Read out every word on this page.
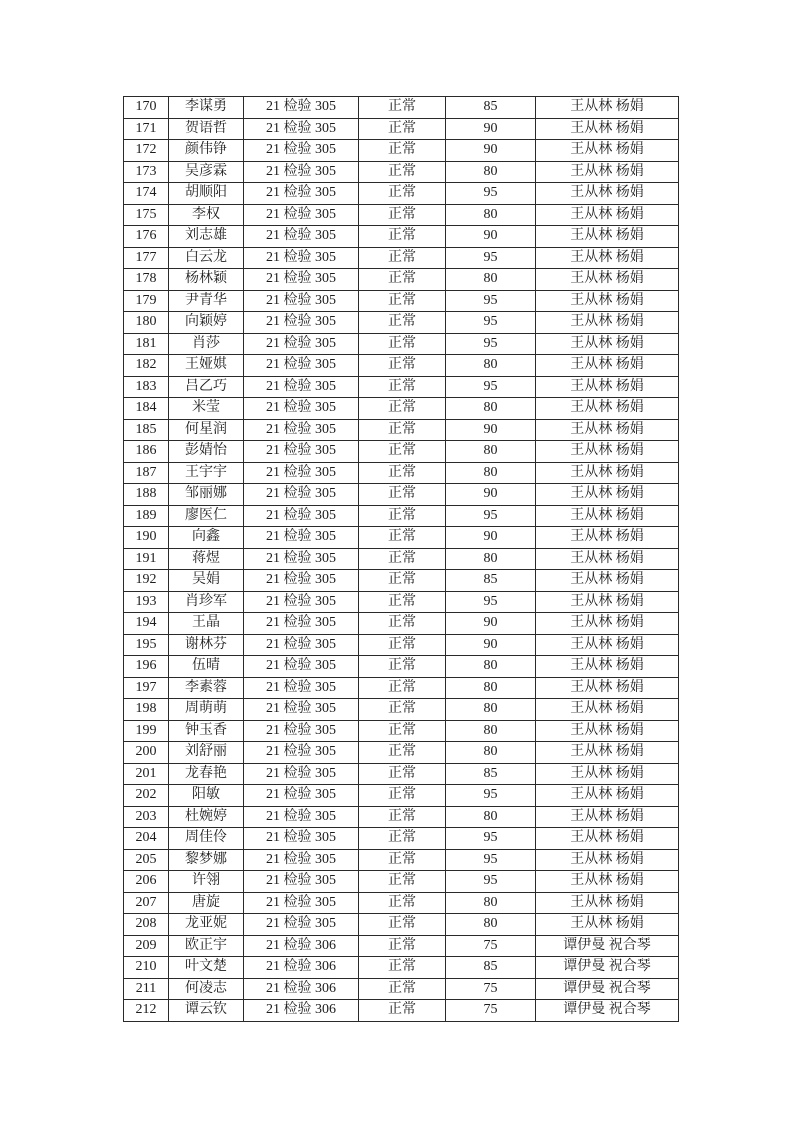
170	李谋勇	21 检验 305	正常	85	王从林 杨娟
171	贺语哲	21 检验 305	正常	90	王从林 杨娟
172	颜伟铮	21 检验 305	正常	90	王从林 杨娟
173	吴彦霖	21 检验 305	正常	80	王从林 杨娟
174	胡顺阳	21 检验 305	正常	95	王从林 杨娟
175	李权	21 检验 305	正常	80	王从林 杨娟
176	刘志雄	21 检验 305	正常	90	王从林 杨娟
177	白云龙	21 检验 305	正常	95	王从林 杨娟
178	杨林颖	21 检验 305	正常	80	王从林 杨娟
179	尹青华	21 检验 305	正常	95	王从林 杨娟
180	向颖婷	21 检验 305	正常	95	王从林 杨娟
181	肖莎	21 检验 305	正常	95	王从林 杨娟
182	王娅娸	21 检验 305	正常	80	王从林 杨娟
183	吕乙巧	21 检验 305	正常	95	王从林 杨娟
184	米莹	21 检验 305	正常	80	王从林 杨娟
185	何星润	21 检验 305	正常	90	王从林 杨娟
186	彭婧怡	21 检验 305	正常	80	王从林 杨娟
187	王宇宇	21 检验 305	正常	80	王从林 杨娟
188	邹丽娜	21 检验 305	正常	90	王从林 杨娟
189	廖医仁	21 检验 305	正常	95	王从林 杨娟
190	向鑫	21 检验 305	正常	90	王从林 杨娟
191	蒋煜	21 检验 305	正常	80	王从林 杨娟
192	吴娟	21 检验 305	正常	85	王从林 杨娟
193	肖珍军	21 检验 305	正常	95	王从林 杨娟
194	王晶	21 检验 305	正常	90	王从林 杨娟
195	谢林芬	21 检验 305	正常	90	王从林 杨娟
196	伍晴	21 检验 305	正常	80	王从林 杨娟
197	李素蓉	21 检验 305	正常	80	王从林 杨娟
198	周萌萌	21 检验 305	正常	80	王从林 杨娟
199	钟玉香	21 检验 305	正常	80	王从林 杨娟
200	刘舒丽	21 检验 305	正常	80	王从林 杨娟
201	龙春艳	21 检验 305	正常	85	王从林 杨娟
202	阳敏	21 检验 305	正常	95	王从林 杨娟
203	杜婉婷	21 检验 305	正常	80	王从林 杨娟
204	周佳伶	21 检验 305	正常	95	王从林 杨娟
205	黎梦娜	21 检验 305	正常	95	王从林 杨娟
206	许翎	21 检验 305	正常	95	王从林 杨娟
207	唐旋	21 检验 305	正常	80	王从林 杨娟
208	龙亚妮	21 检验 305	正常	80	王从林 杨娟
209	欧正宇	21 检验 306	正常	75	谭伊曼 祝合琴
210	叶文楚	21 检验 306	正常	85	谭伊曼 祝合琴
211	何凌志	21 检验 306	正常	75	谭伊曼 祝合琴
212	谭云钦	21 检验 306	正常	75	谭伊曼 祝合琴
